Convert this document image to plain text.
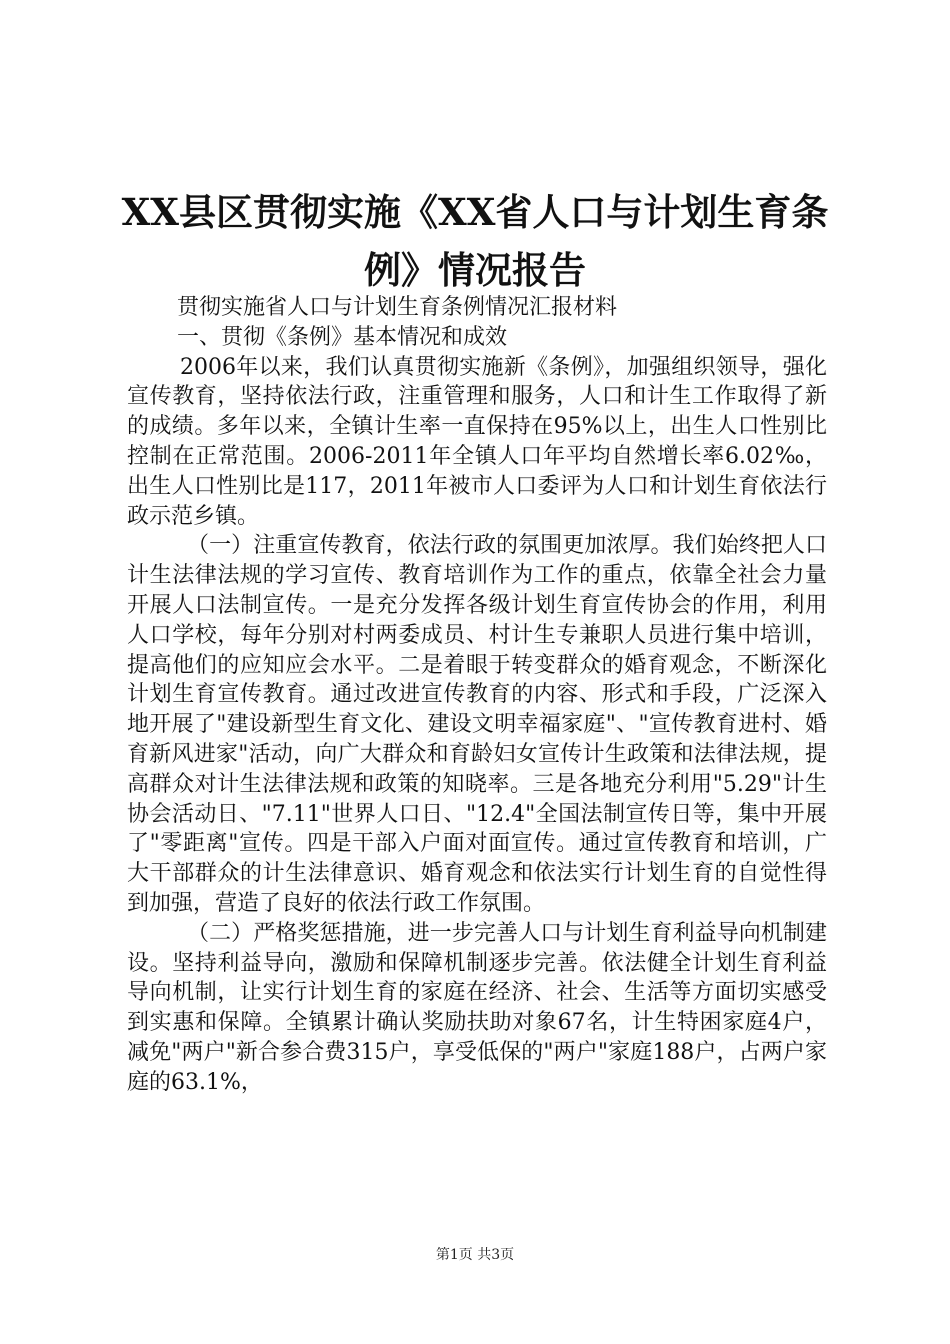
XX县区贯彻实施《XX省人口与计划生育条
例》情况报告

贯彻实施省人口与计划生育条例情况汇报材料

一、贯彻《条例》基本情况和成效

2006年以来，我们认真贯彻实施新《条例》，加强组织领导，强化宣传教育，坚持依法行政，注重管理和服务，人口和计生工作取得了新的成绩。多年以来，全镇计生率一直保持在95%以上，出生人口性别比控制在正常范围。2006-2011年全镇人口年平均自然增长率6.02‰，出生人口性别比是117，2011年被市人口委评为人口和计划生育依法行政示范乡镇。

（一）注重宣传教育，依法行政的氛围更加浓厚。我们始终把人口计生法律法规的学习宣传、教育培训作为工作的重点，依靠全社会力量开展人口法制宣传。一是充分发挥各级计划生育宣传协会的作用，利用人口学校，每年分别对村两委成员、村计生专兼职人员进行集中培训，提高他们的应知应会水平。二是着眼于转变群众的婚育观念，不断深化计划生育宣传教育。通过改进宣传教育的内容、形式和手段，广泛深入地开展了"建设新型生育文化、建设文明幸福家庭"、"宣传教育进村、婚育新风进家"活动，向广大群众和育龄妇女宣传计生政策和法律法规，提高群众对计生法律法规和政策的知晓率。三是各地充分利用"5.29"计生协会活动日、"7.11"世界人口日、"12.4"全国法制宣传日等，集中开展了"零距离"宣传。四是干部入户面对面宣传。通过宣传教育和培训，广大干部群众的计生法律意识、婚育观念和依法实行计划生育的自觉性得到加强，营造了良好的依法行政工作氛围。

（二）严格奖惩措施，进一步完善人口与计划生育利益导向机制建设。坚持利益导向，激励和保障机制逐步完善。依法健全计划生育利益导向机制，让实行计划生育的家庭在经济、社会、生活等方面切实感受到实惠和保障。全镇累计确认奖励扶助对象67名，计生特困家庭4户，减免"两户"新合参合费315户，享受低保的"两户"家庭188户，占两户家庭的63.1%，

第1页 共3页
